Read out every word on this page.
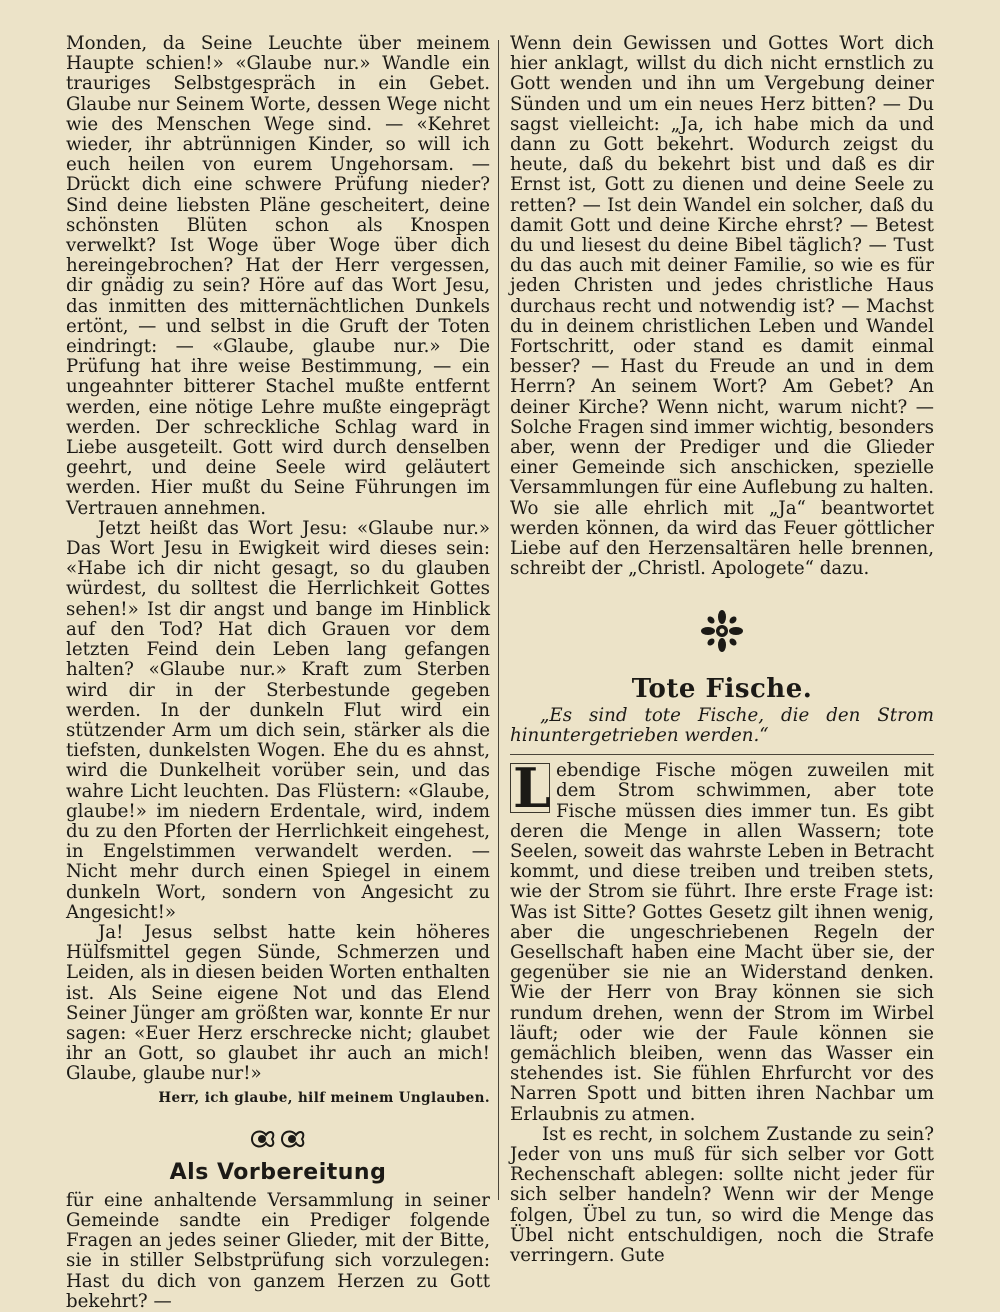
Monden, da Seine Leuchte über meinem Haupte schien!» «Glaube nur.» Wandle ein trauriges Selbstgespräch in ein Gebet. Glaube nur Seinem Worte, dessen Wege nicht wie des Menschen Wege sind. — «Kehret wieder, ihr abtrünnigen Kinder, so will ich euch heilen von eurem Ungehorsam. — Drückt dich eine schwere Prüfung nieder? Sind deine liebsten Pläne gescheitert, deine schönsten Blüten schon als Knospen verwelkt? Ist Woge über Woge über dich hereingebrochen? Hat der Herr vergessen, dir gnädig zu sein? Höre auf das Wort Jesu, das inmitten des mitternächtlichen Dunkels ertönt, — und selbst in die Gruft der Toten eindringt: — «Glaube, glaube nur.» Die Prüfung hat ihre weise Bestimmung, — ein ungeahnter bitterer Stachel mußte entfernt werden, eine nötige Lehre mußte eingeprägt werden. Der schreckliche Schlag ward in Liebe ausgeteilt. Gott wird durch denselben geehrt, und deine Seele wird geläutert werden. Hier mußt du Seine Führungen im Vertrauen annehmen.

Jetzt heißt das Wort Jesu: «Glaube nur.» Das Wort Jesu in Ewigkeit wird dieses sein: «Habe ich dir nicht gesagt, so du glauben würdest, du solltest die Herrlichkeit Gottes sehen!» Ist dir angst und bange im Hinblick auf den Tod? Hat dich Grauen vor dem letzten Feind dein Leben lang gefangen halten? «Glaube nur.» Kraft zum Sterben wird dir in der Sterbestunde gegeben werden. In der dunkeln Flut wird ein stützender Arm um dich sein, stärker als die tiefsten, dunkelsten Wogen. Ehe du es ahnst, wird die Dunkelheit vorüber sein, und das wahre Licht leuchten. Das Flüstern: «Glaube, glaube!» im niedern Erdentale, wird, indem du zu den Pforten der Herrlichkeit eingehest, in Engelstimmen verwandelt werden. — Nicht mehr durch einen Spiegel in einem dunkeln Wort, sondern von Angesicht zu Angesicht!»

Ja! Jesus selbst hatte kein höheres Hülfsmittel gegen Sünde, Schmerzen und Leiden, als in diesen beiden Worten enthalten ist. Als Seine eigene Not und das Elend Seiner Jünger am größten war, konnte Er nur sagen: «Euer Herz erschrecke nicht; glaubet ihr an Gott, so glaubet ihr auch an mich! Glaube, glaube nur!»

Herr, ich glaube, hilf meinem Unglauben.

Als Vorbereitung

für eine anhaltende Versammlung in seiner Gemeinde sandte ein Prediger folgende Fragen an jedes seiner Glieder, mit der Bitte, sie in stiller Selbstprüfung sich vorzulegen: Hast du dich von ganzem Herzen zu Gott bekehrt? —

Wenn dein Gewissen und Gottes Wort dich hier anklagt, willst du dich nicht ernstlich zu Gott wenden und ihn um Vergebung deiner Sünden und um ein neues Herz bitten? — Du sagst vielleicht: „Ja, ich habe mich da und dann zu Gott bekehrt. Wodurch zeigst du heute, daß du bekehrt bist und daß es dir Ernst ist, Gott zu dienen und deine Seele zu retten? — Ist dein Wandel ein solcher, daß du damit Gott und deine Kirche ehrst? — Betest du und liesest du deine Bibel täglich? — Tust du das auch mit deiner Familie, so wie es für jeden Christen und jedes christliche Haus durchaus recht und notwendig ist? — Machst du in deinem christlichen Leben und Wandel Fortschritt, oder stand es damit einmal besser? — Hast du Freude an und in dem Herrn? An seinem Wort? Am Gebet? An deiner Kirche? Wenn nicht, warum nicht? — Solche Fragen sind immer wichtig, besonders aber, wenn der Prediger und die Glieder einer Gemeinde sich anschicken, spezielle Versammlungen für eine Auflebung zu halten. Wo sie alle ehrlich mit „Ja“ beantwortet werden können, da wird das Feuer göttlicher Liebe auf den Herzensaltären helle brennen, schreibt der „Christl. Apologete“ dazu.

Tote Fische.

„Es sind tote Fische, die den Strom hinuntergetrieben werden.“

L ebendige Fische mögen zuweilen mit dem Strom schwimmen, aber tote Fische müssen dies immer tun. Es gibt deren die Menge in allen Wassern; tote Seelen, soweit das wahrste Leben in Betracht kommt, und diese treiben und treiben stets, wie der Strom sie führt. Ihre erste Frage ist: Was ist Sitte? Gottes Gesetz gilt ihnen wenig, aber die ungeschriebenen Regeln der Gesellschaft haben eine Macht über sie, der gegenüber sie nie an Widerstand denken. Wie der Herr von Bray können sie sich rundum drehen, wenn der Strom im Wirbel läuft; oder wie der Faule können sie gemächlich bleiben, wenn das Wasser ein stehendes ist. Sie fühlen Ehrfurcht vor des Narren Spott und bitten ihren Nachbar um Erlaubnis zu atmen.

Ist es recht, in solchem Zustande zu sein? Jeder von uns muß für sich selber vor Gott Rechenschaft ablegen: sollte nicht jeder für sich selber handeln? Wenn wir der Menge folgen, Übel zu tun, so wird die Menge das Übel nicht entschuldigen, noch die Strafe verringern. Gute
